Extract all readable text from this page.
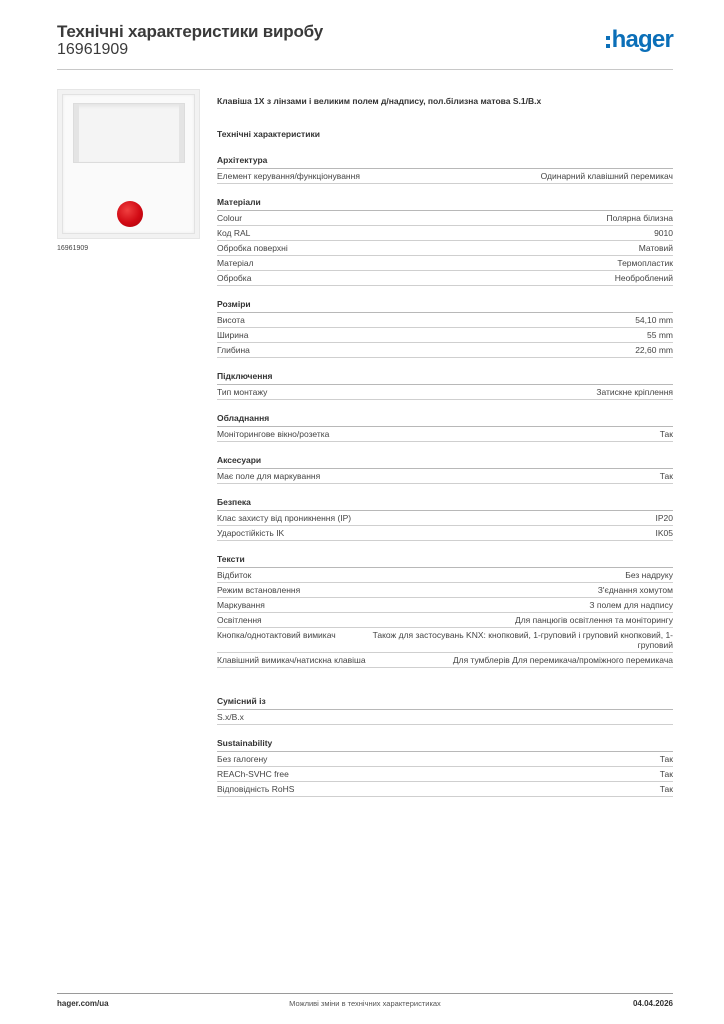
Технічні характеристики виробу
16961909	hager
16961909
Клавіша 1X з лінзами і великим полем д/надпису, пол.білизна матова S.1/B.x
Технічні характеристики
Архітектура
Елемент керування/функціонування	Одинарний клавішний перемикач
Матеріали
Colour	Полярна білизна
Код RAL	9010
Обробка поверхні	Матовий
Матеріал	Термопластик
Обробка	Необроблений
Розміри
Висота	54,10 mm
Ширина	55 mm
Глибина	22,60 mm
Підключення
Тип монтажу	Затискне кріплення
Обладнання
Моніторингове вікно/розетка	Так
Аксесуари
Має поле для маркування	Так
Безпека
Клас захисту від проникнення (IP)	IP20
Ударостійкість IK	IK05
Тексти
Відбиток	Без надруку
Режим встановлення	З'єднання хомутом
Маркування	З полем для надпису
Освітлення	Для панцюгів освітлення та моніторингу
Кнопка/однотактовий вимикач	Також для застосувань KNX: кнопковий, 1-груповий і груповий кнопковий, 1-груповий
Клавішний вимикач/натискна клавіша	Для тумблерів Для перемикача/проміжного перемикача
Сумісний із
S.x/B.x
Sustainability
Без галогену	Так
REACh-SVHC free	Так
Відповідність RoHS	Так
hager.com/ua	Можливі зміни в технічних характеристиках	04.04.2026
